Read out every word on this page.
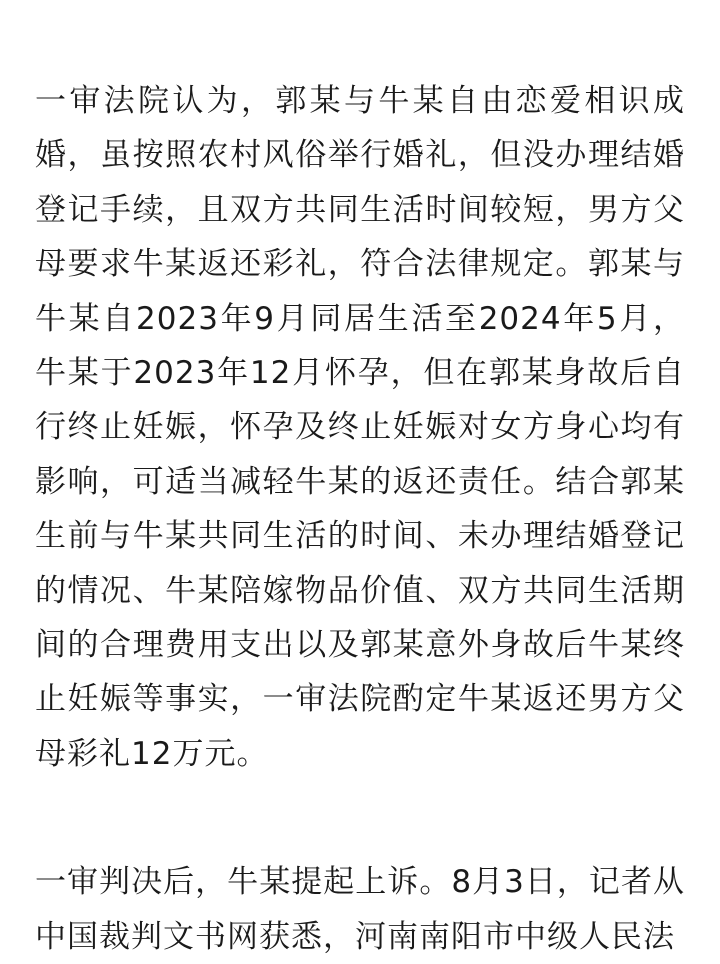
一审法院认为，郭某与牛某自由恋爱相识成婚，虽按照农村风俗举行婚礼，但没办理结婚登记手续，且双方共同生活时间较短，男方父母要求牛某返还彩礼，符合法律规定。郭某与牛某自2023年9月同居生活至2024年5月，牛某于2023年12月怀孕，但在郭某身故后自行终止妊娠，怀孕及终止妊娠对女方身心均有影响，可适当减轻牛某的返还责任。结合郭某生前与牛某共同生活的时间、未办理结婚登记的情况、牛某陪嫁物品价值、双方共同生活期间的合理费用支出以及郭某意外身故后牛某终止妊娠等事实，一审法院酌定牛某返还男方父母彩礼12万元。

一审判决后，牛某提起上诉。8月3日，记者从中国裁判文书网获悉，河南南阳市中级人民法
